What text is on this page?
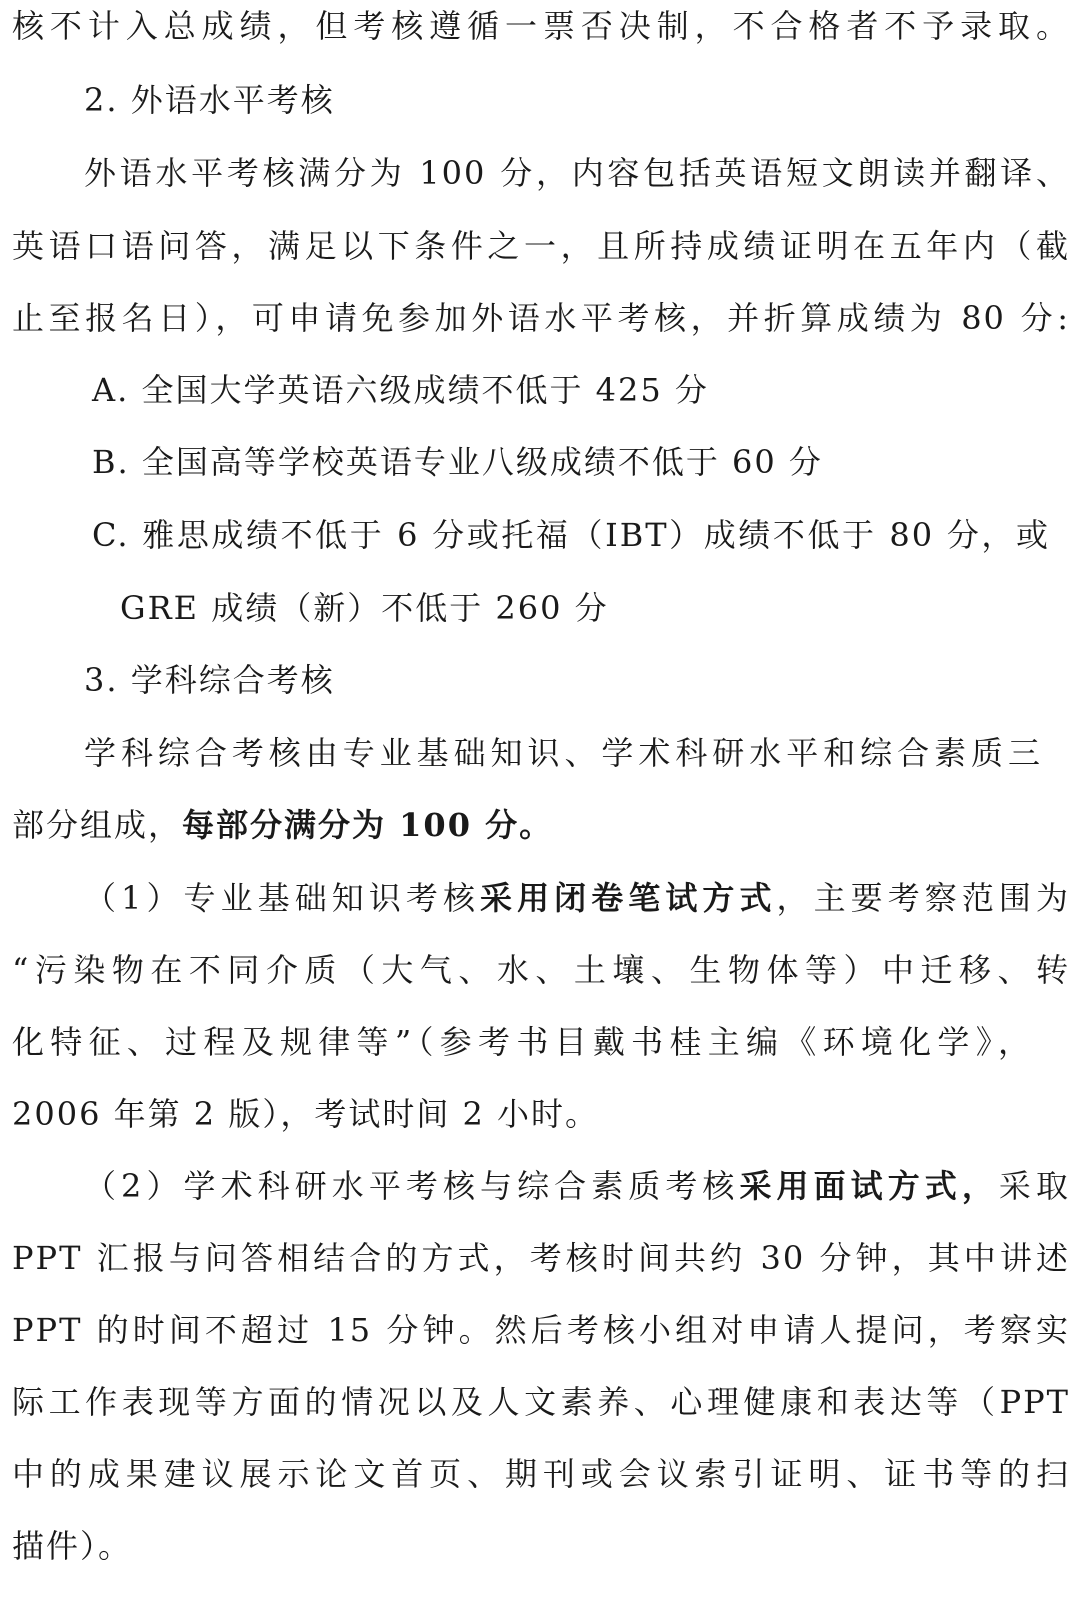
核不计入总成绩，但考核遵循一票否决制，不合格者不予录取。

2. 外语水平考核

外语水平考核满分为 100 分，内容包括英语短文朗读并翻译、

英语口语问答，满足以下条件之一，且所持成绩证明在五年内（截

止至报名日），可申请免参加外语水平考核，并折算成绩为 80 分:

A. 全国大学英语六级成绩不低于 425 分

B. 全国高等学校英语专业八级成绩不低于 60 分

C. 雅思成绩不低于 6 分或托福（IBT）成绩不低于 80 分，或

GRE 成绩（新）不低于 260 分

3. 学科综合考核

学科综合考核由专业基础知识、学术科研水平和综合素质三

部分组成，每部分满分为 100 分。

（1）专业基础知识考核采用闭卷笔试方式，主要考察范围为

“污染物在不同介质（大气、水、土壤、生物体等）中迁移、转

化特征、过程及规律等”（参考书目戴书桂主编《环境化学》，

2006 年第 2 版），考试时间 2 小时。

（2）学术科研水平考核与综合素质考核采用面试方式，采取

PPT 汇报与问答相结合的方式，考核时间共约 30 分钟，其中讲述

PPT 的时间不超过 15 分钟。然后考核小组对申请人提问，考察实

际工作表现等方面的情况以及人文素养、心理健康和表达等（PPT

中的成果建议展示论文首页、期刊或会议索引证明、证书等的扫

描件）。
